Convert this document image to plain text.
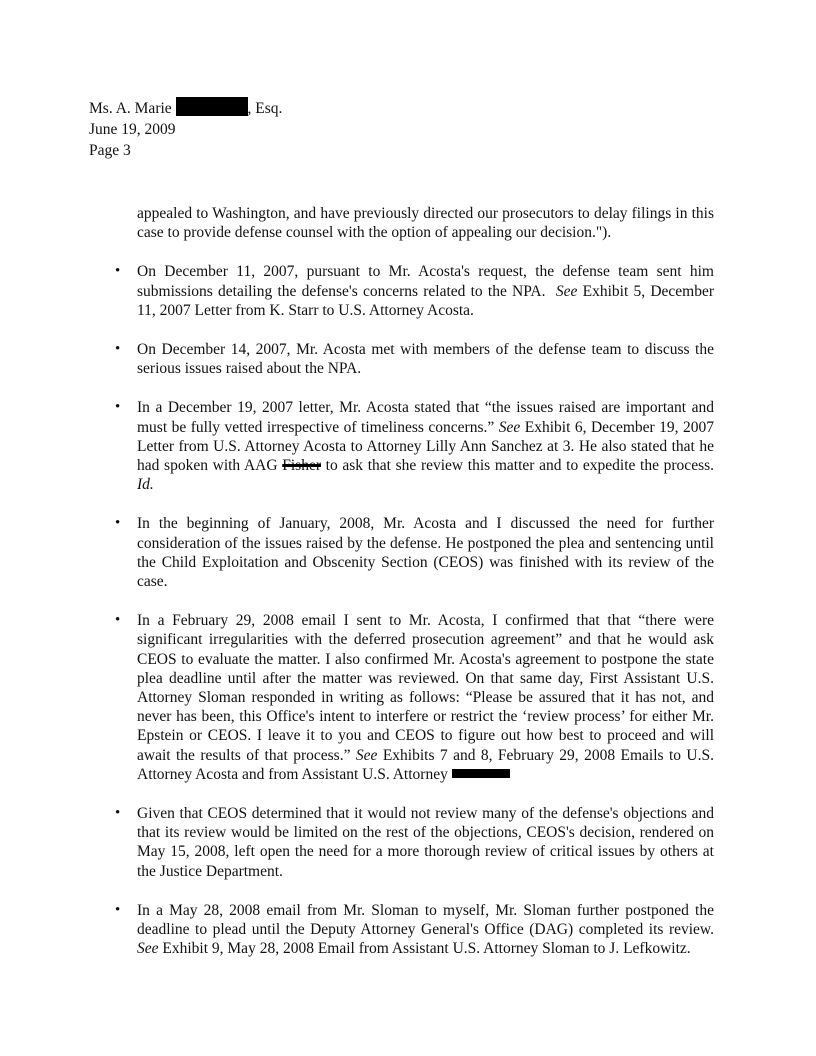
Ms. A. Marie	, Esq.
June 19, 2009
Page 3

appealed to Washington, and have previously directed our prosecutors to delay filings in this case to provide defense counsel with the option of appealing our decision.").

• On December 11, 2007, pursuant to Mr. Acosta's request, the defense team sent him submissions detailing the defense's concerns related to the NPA. See Exhibit 5, December 11, 2007 Letter from K. Starr to U.S. Attorney Acosta.
• On December 14, 2007, Mr. Acosta met with members of the defense team to discuss the serious issues raised about the NPA.
• In a December 19, 2007 letter, Mr. Acosta stated that “the issues raised are important and must be fully vetted irrespective of timeliness concerns.” See Exhibit 6, December 19, 2007 Letter from U.S. Attorney Acosta to Attorney Lilly Ann Sanchez at 3. He also stated that he had spoken with AAG Fisher to ask that she review this matter and to expedite the process. Id.
• In the beginning of January, 2008, Mr. Acosta and I discussed the need for further consideration of the issues raised by the defense. He postponed the plea and sentencing until the Child Exploitation and Obscenity Section (CEOS) was finished with its review of the case.
• In a February 29, 2008 email I sent to Mr. Acosta, I confirmed that that “there were significant irregularities with the deferred prosecution agreement” and that he would ask CEOS to evaluate the matter. I also confirmed Mr. Acosta's agreement to postpone the state plea deadline until after the matter was reviewed. On that same day, First Assistant U.S. Attorney Sloman responded in writing as follows: “Please be assured that it has not, and never has been, this Office's intent to interfere or restrict the ‘review process’ for either Mr. Epstein or CEOS. I leave it to you and CEOS to figure out how best to proceed and will await the results of that process.” See Exhibits 7 and 8, February 29, 2008 Emails to U.S. Attorney Acosta and from Assistant U.S. Attorney
• Given that CEOS determined that it would not review many of the defense's objections and that its review would be limited on the rest of the objections, CEOS's decision, rendered on May 15, 2008, left open the need for a more thorough review of critical issues by others at the Justice Department.
• In a May 28, 2008 email from Mr. Sloman to myself, Mr. Sloman further postponed the deadline to plead until the Deputy Attorney General's Office (DAG) completed its review. See Exhibit 9, May 28, 2008 Email from Assistant U.S. Attorney Sloman to J. Lefkowitz.
